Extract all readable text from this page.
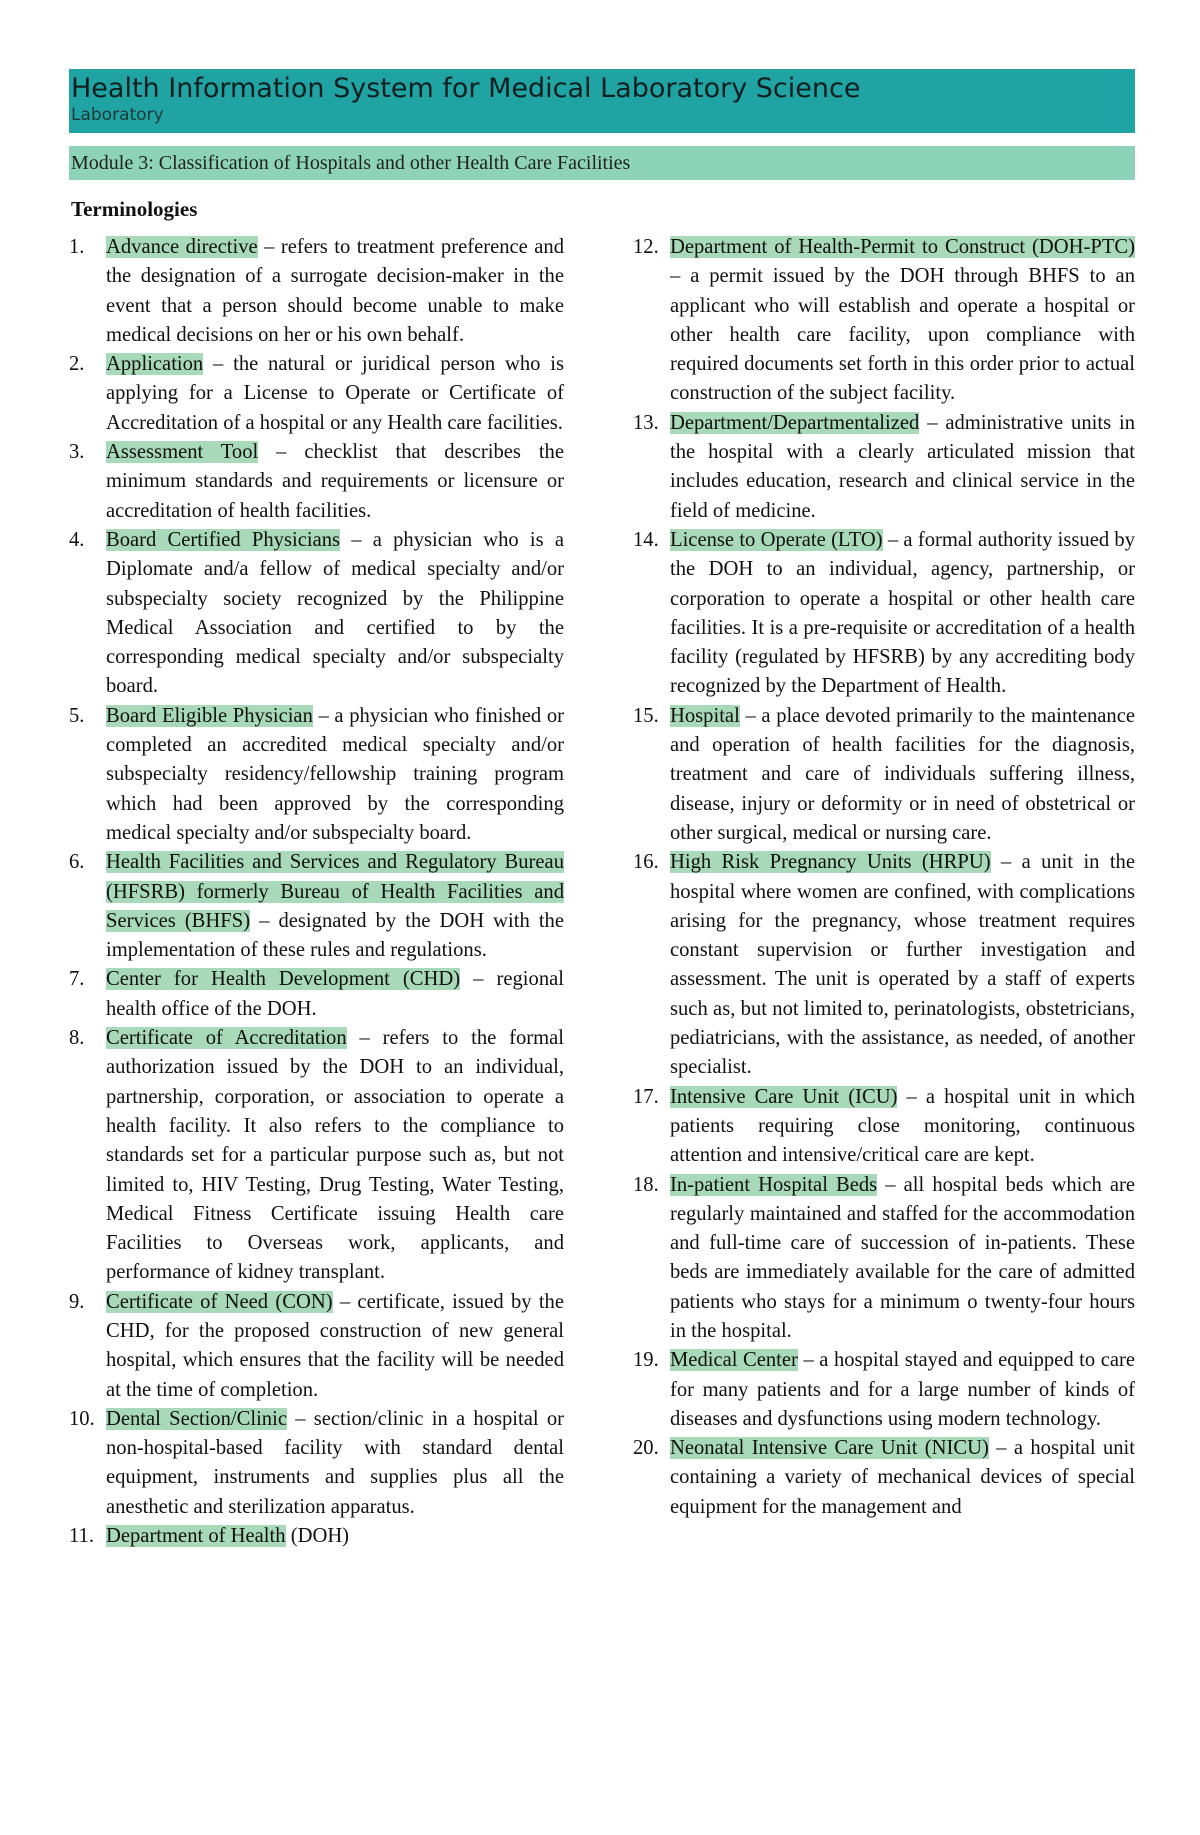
Health Information System for Medical Laboratory Science
Laboratory
Module 3: Classification of Hospitals and other Health Care Facilities
Terminologies
1. Advance directive – refers to treatment preference and the designation of a surrogate decision-maker in the event that a person should become unable to make medical decisions on her or his own behalf.
2. Application – the natural or juridical person who is applying for a License to Operate or Certificate of Accreditation of a hospital or any Health care facilities.
3. Assessment Tool – checklist that describes the minimum standards and requirements or licensure or accreditation of health facilities.
4. Board Certified Physicians – a physician who is a Diplomate and/a fellow of medical specialty and/or subspecialty society recognized by the Philippine Medical Association and certified to by the corresponding medical specialty and/or subspecialty board.
5. Board Eligible Physician – a physician who finished or completed an accredited medical specialty and/or subspecialty residency/fellowship training program which had been approved by the corresponding medical specialty and/or subspecialty board.
6. Health Facilities and Services and Regulatory Bureau (HFSRB) formerly Bureau of Health Facilities and Services (BHFS) – designated by the DOH with the implementation of these rules and regulations.
7. Center for Health Development (CHD) – regional health office of the DOH.
8. Certificate of Accreditation – refers to the formal authorization issued by the DOH to an individual, partnership, corporation, or association to operate a health facility. It also refers to the compliance to standards set for a particular purpose such as, but not limited to, HIV Testing, Drug Testing, Water Testing, Medical Fitness Certificate issuing Health care Facilities to Overseas work, applicants, and performance of kidney transplant.
9. Certificate of Need (CON) – certificate, issued by the CHD, for the proposed construction of new general hospital, which ensures that the facility will be needed at the time of completion.
10. Dental Section/Clinic – section/clinic in a hospital or non-hospital-based facility with standard dental equipment, instruments and supplies plus all the anesthetic and sterilization apparatus.
11. Department of Health (DOH)
12. Department of Health-Permit to Construct (DOH-PTC) – a permit issued by the DOH through BHFS to an applicant who will establish and operate a hospital or other health care facility, upon compliance with required documents set forth in this order prior to actual construction of the subject facility.
13. Department/Departmentalized – administrative units in the hospital with a clearly articulated mission that includes education, research and clinical service in the field of medicine.
14. License to Operate (LTO) – a formal authority issued by the DOH to an individual, agency, partnership, or corporation to operate a hospital or other health care facilities. It is a pre-requisite or accreditation of a health facility (regulated by HFSRB) by any accrediting body recognized by the Department of Health.
15. Hospital – a place devoted primarily to the maintenance and operation of health facilities for the diagnosis, treatment and care of individuals suffering illness, disease, injury or deformity or in need of obstetrical or other surgical, medical or nursing care.
16. High Risk Pregnancy Units (HRPU) – a unit in the hospital where women are confined, with complications arising for the pregnancy, whose treatment requires constant supervision or further investigation and assessment. The unit is operated by a staff of experts such as, but not limited to, perinatologists, obstetricians, pediatricians, with the assistance, as needed, of another specialist.
17. Intensive Care Unit (ICU) – a hospital unit in which patients requiring close monitoring, continuous attention and intensive/critical care are kept.
18. In-patient Hospital Beds – all hospital beds which are regularly maintained and staffed for the accommodation and full-time care of succession of in-patients. These beds are immediately available for the care of admitted patients who stays for a minimum o twenty-four hours in the hospital.
19. Medical Center – a hospital stayed and equipped to care for many patients and for a large number of kinds of diseases and dysfunctions using modern technology.
20. Neonatal Intensive Care Unit (NICU) – a hospital unit containing a variety of mechanical devices of special equipment for the management and
